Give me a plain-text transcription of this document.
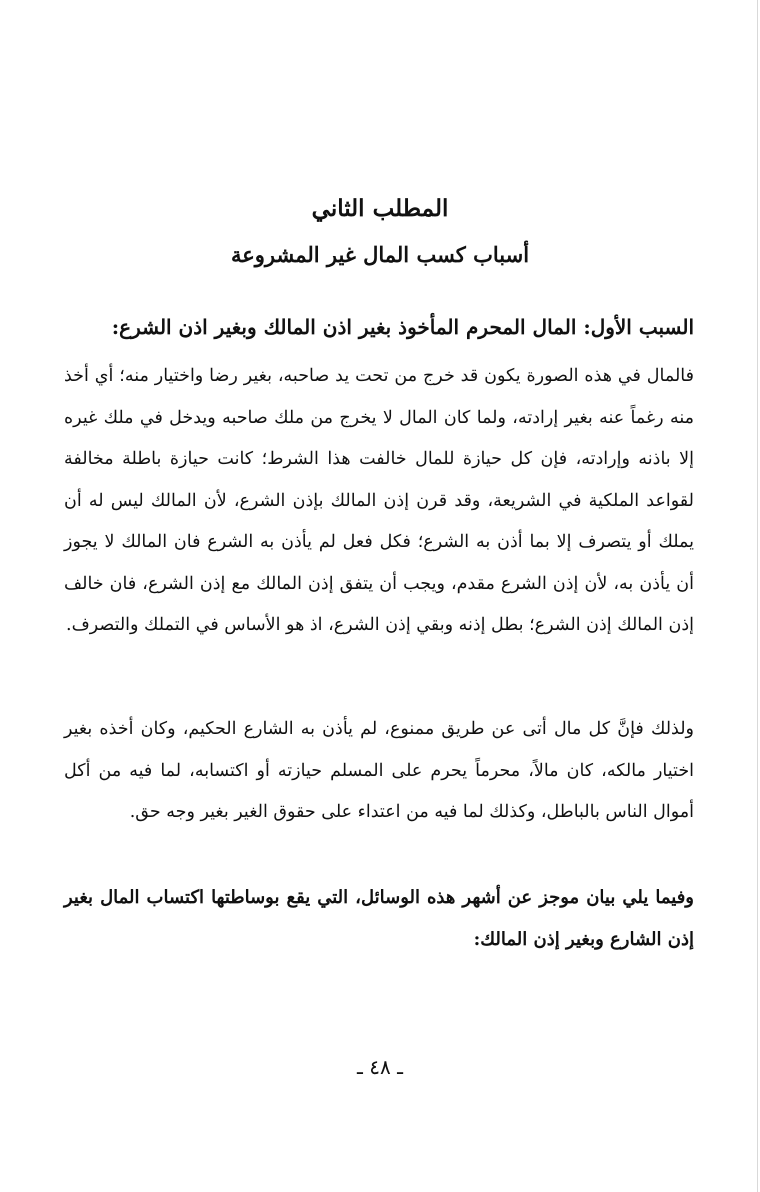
المطلب الثاني
أسباب كسب المال غير المشروعة
السبب الأول: المال المحرم المأخوذ بغير اذن المالك وبغير اذن الشرع:

فالمال في هذه الصورة يكون قد خرج من تحت يد صاحبه، بغير رضا واختيار منه؛ أي أخذ منه رغماً عنه بغير إرادته، ولما كان المال لا يخرج من ملك صاحبه ويدخل في ملك غيره إلا باذنه وإرادته، فإن كل حيازة للمال خالفت هذا الشرط؛ كانت حيازة باطلة مخالفة لقواعد الملكية في الشريعة، وقد قرن إذن المالك بإذن الشرع، لأن المالك ليس له أن يملك أو يتصرف إلا بما أذن به الشرع؛ فكل فعل لم يأذن به الشرع فان المالك لا يجوز أن يأذن به، لأن إذن الشرع مقدم، ويجب أن يتفق إذن المالك مع إذن الشرع، فان خالف إذن المالك إذن الشرع؛ بطل إذنه وبقي إذن الشرع، اذ هو الأساس في التملك والتصرف.

ولذلك فإنَّ كل مال أتى عن طريق ممنوع، لم يأذن به الشارع الحكيم، وكان أخذه بغير اختيار مالكه، كان مالاً، محرماً يحرم على المسلم حيازته أو اكتسابه، لما فيه من أكل أموال الناس بالباطل، وكذلك لما فيه من اعتداء على حقوق الغير بغير وجه حق.

وفيما يلي بيان موجز عن أشهر هذه الوسائل، التي يقع بوساطتها اكتساب المال بغير إذن الشارع وبغير إذن المالك:

ـ ٤٨ ـ
